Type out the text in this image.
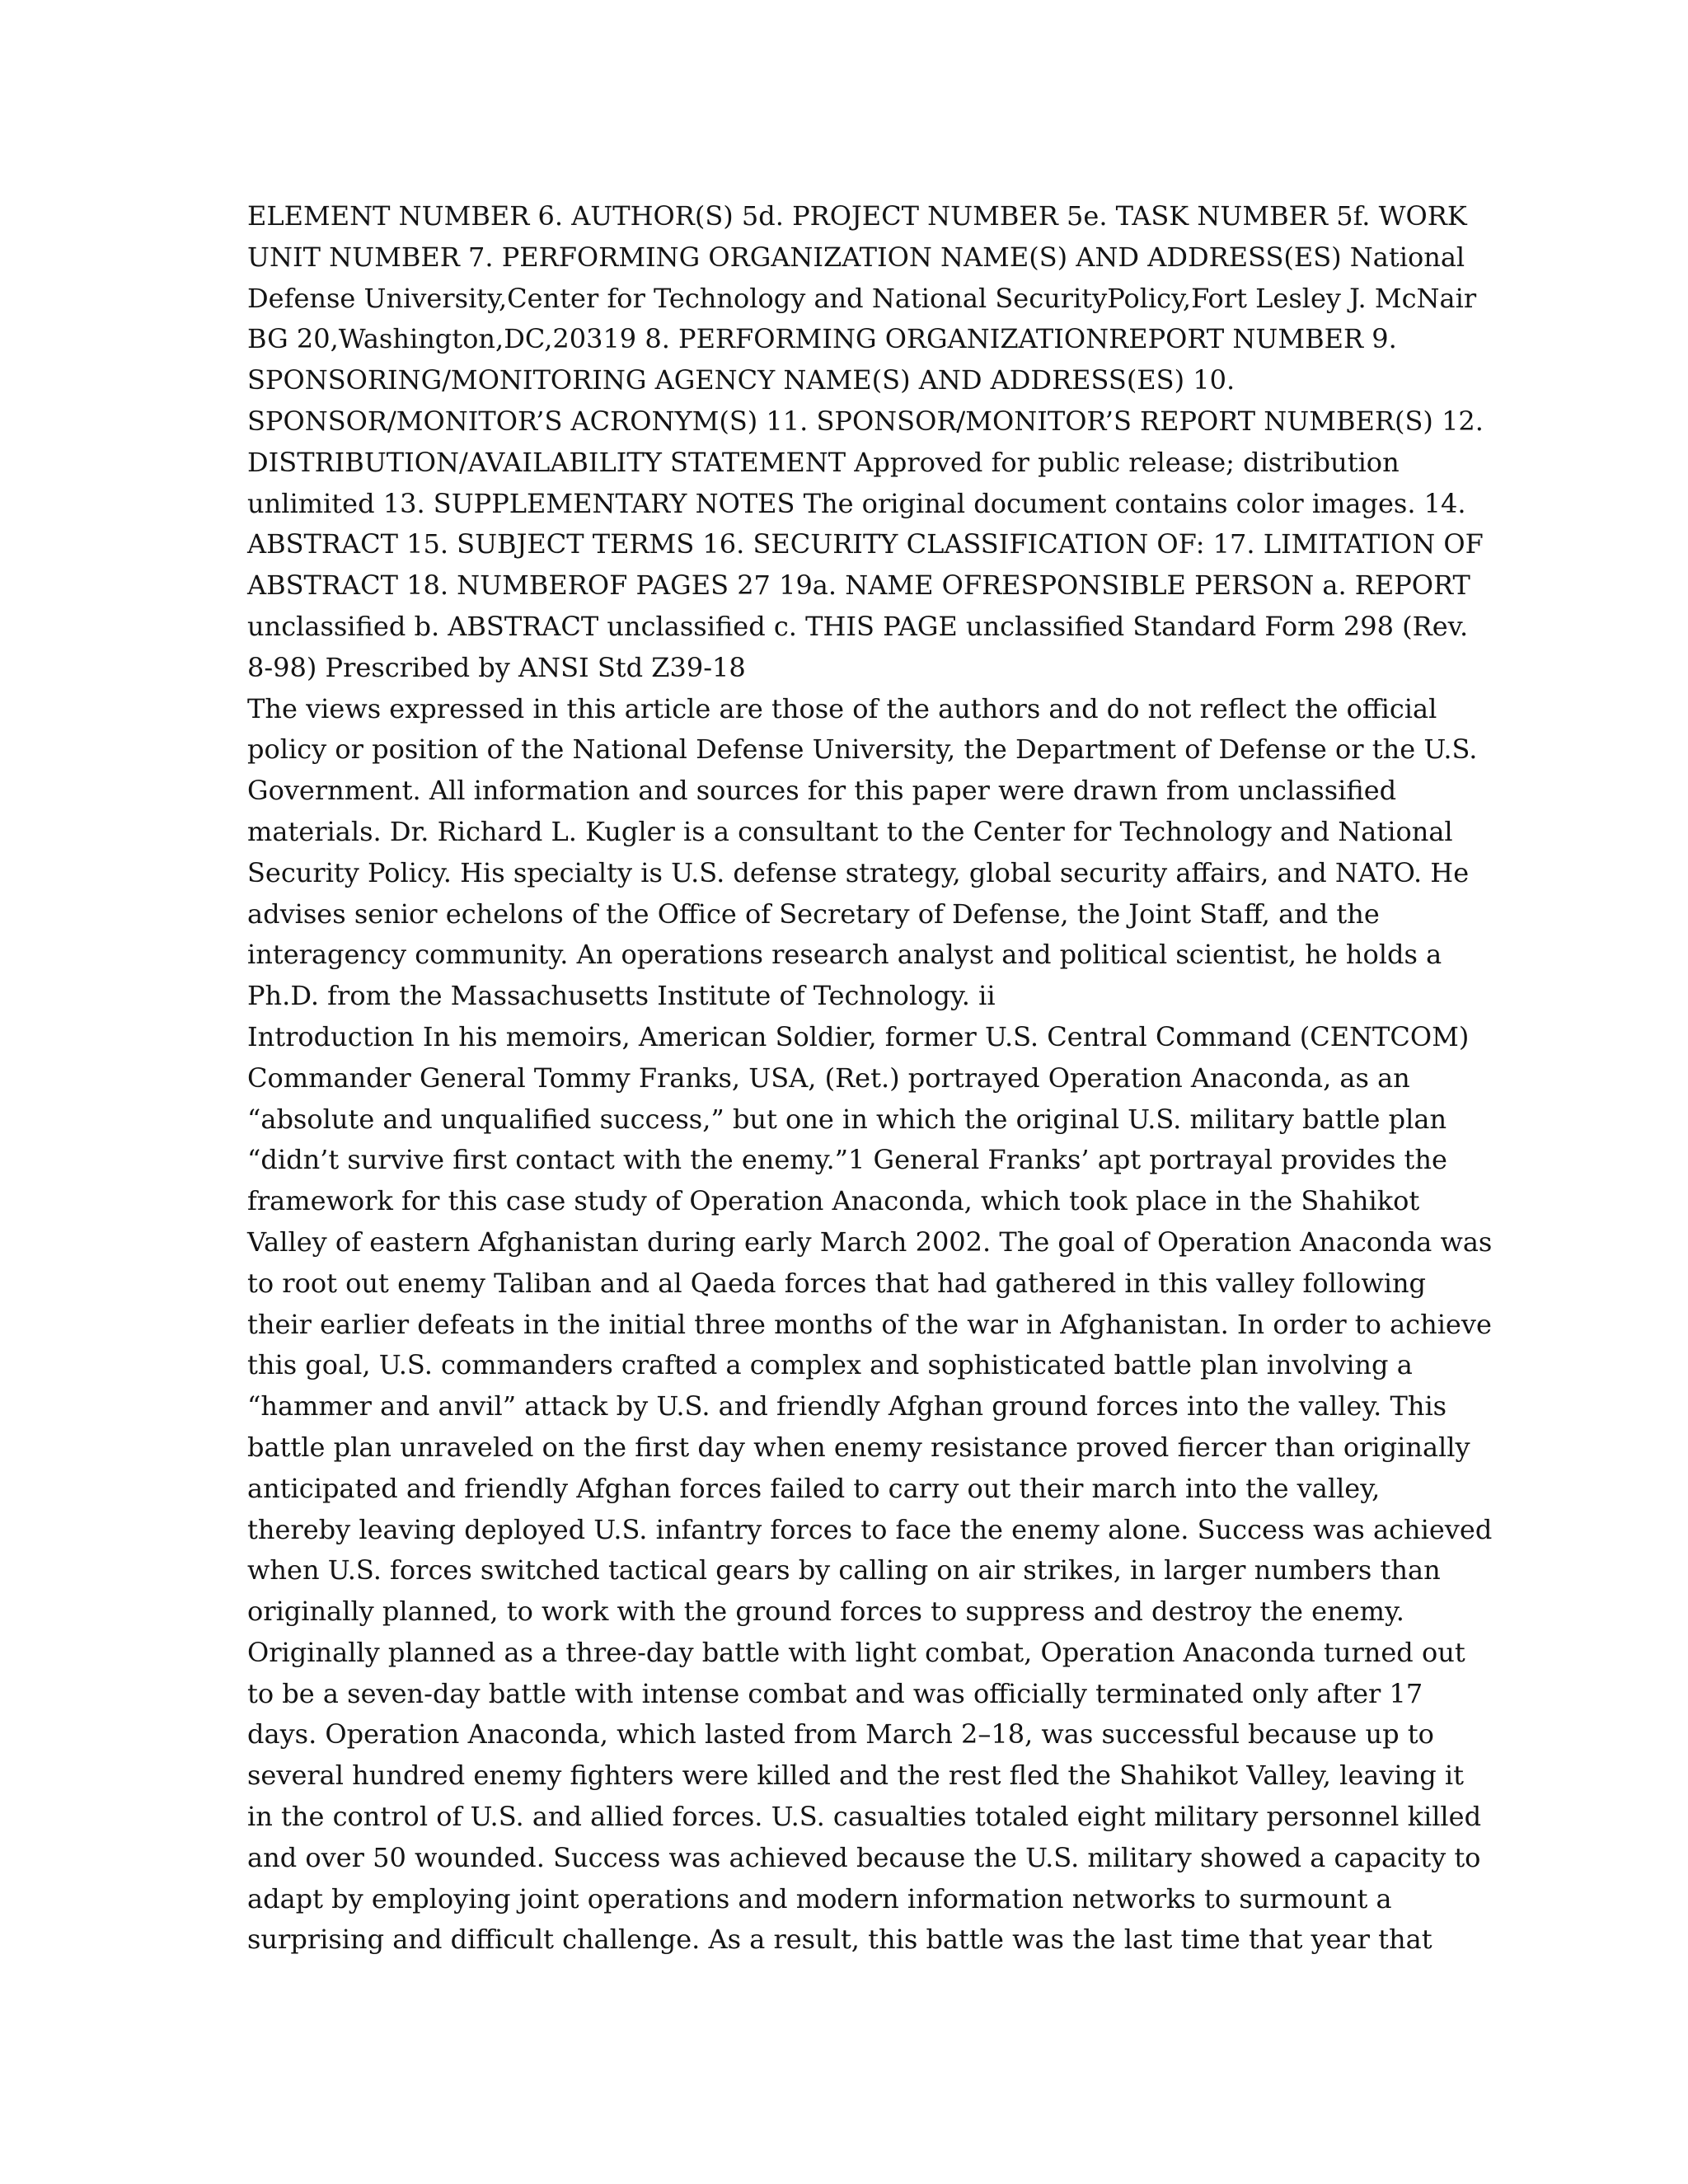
ELEMENT NUMBER 6. AUTHOR(S) 5d. PROJECT NUMBER 5e. TASK NUMBER 5f. WORK
UNIT NUMBER 7. PERFORMING ORGANIZATION NAME(S) AND ADDRESS(ES) National
Defense University,Center for Technology and National SecurityPolicy,Fort Lesley J. McNair
BG 20,Washington,DC,20319 8. PERFORMING ORGANIZATIONREPORT NUMBER 9.
SPONSORING/MONITORING AGENCY NAME(S) AND ADDRESS(ES) 10.
SPONSOR/MONITOR’S ACRONYM(S) 11. SPONSOR/MONITOR’S REPORT NUMBER(S) 12.
DISTRIBUTION/AVAILABILITY STATEMENT Approved for public release; distribution
unlimited 13. SUPPLEMENTARY NOTES The original document contains color images. 14.
ABSTRACT 15. SUBJECT TERMS 16. SECURITY CLASSIFICATION OF: 17. LIMITATION OF
ABSTRACT 18. NUMBEROF PAGES 27 19a. NAME OFRESPONSIBLE PERSON a. REPORT
unclassified b. ABSTRACT unclassified c. THIS PAGE unclassified Standard Form 298 (Rev.
8-98) Prescribed by ANSI Std Z39-18
The views expressed in this article are those of the authors and do not reflect the official
policy or position of the National Defense University, the Department of Defense or the U.S.
Government. All information and sources for this paper were drawn from unclassified
materials. Dr. Richard L. Kugler is a consultant to the Center for Technology and National
Security Policy. His specialty is U.S. defense strategy, global security affairs, and NATO. He
advises senior echelons of the Office of Secretary of Defense, the Joint Staff, and the
interagency community. An operations research analyst and political scientist, he holds a
Ph.D. from the Massachusetts Institute of Technology. ii
Introduction In his memoirs, American Soldier, former U.S. Central Command (CENTCOM)
Commander General Tommy Franks, USA, (Ret.) portrayed Operation Anaconda, as an
“absolute and unqualified success,” but one in which the original U.S. military battle plan
“didn’t survive first contact with the enemy.”1 General Franks’ apt portrayal provides the
framework for this case study of Operation Anaconda, which took place in the Shahikot
Valley of eastern Afghanistan during early March 2002. The goal of Operation Anaconda was
to root out enemy Taliban and al Qaeda forces that had gathered in this valley following
their earlier defeats in the initial three months of the war in Afghanistan. In order to achieve
this goal, U.S. commanders crafted a complex and sophisticated battle plan involving a
“hammer and anvil” attack by U.S. and friendly Afghan ground forces into the valley. This
battle plan unraveled on the first day when enemy resistance proved fiercer than originally
anticipated and friendly Afghan forces failed to carry out their march into the valley,
thereby leaving deployed U.S. infantry forces to face the enemy alone. Success was achieved
when U.S. forces switched tactical gears by calling on air strikes, in larger numbers than
originally planned, to work with the ground forces to suppress and destroy the enemy.
Originally planned as a three-day battle with light combat, Operation Anaconda turned out
to be a seven-day battle with intense combat and was officially terminated only after 17
days. Operation Anaconda, which lasted from March 2–18, was successful because up to
several hundred enemy fighters were killed and the rest fled the Shahikot Valley, leaving it
in the control of U.S. and allied forces. U.S. casualties totaled eight military personnel killed
and over 50 wounded. Success was achieved because the U.S. military showed a capacity to
adapt by employing joint operations and modern information networks to surmount a
surprising and difficult challenge. As a result, this battle was the last time that year that
